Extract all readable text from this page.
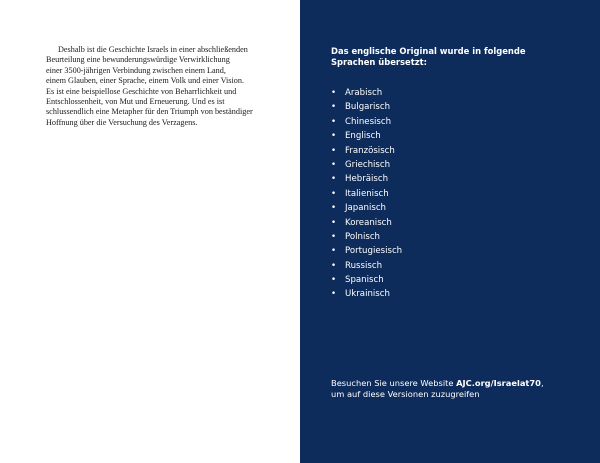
Deshalb ist die Geschichte Israels in einer abschließenden
Beurteilung eine bewunderungswürdige Verwirklichung
einer 3500-jährigen Verbindung zwischen einem Land,
einem Glauben, einer Sprache, einem Volk und einer Vision.
Es ist eine beispiellose Geschichte von Beharrlichkeit und
Entschlossenheit, von Mut und Erneuerung. Und es ist
schlussendlich eine Metapher für den Triumph von beständiger
Hoffnung über die Versuchung des Verzagens.
Das englische Original wurde in folgende
Sprachen übersetzt:
• Arabisch
• Bulgarisch
• Chinesisch
• Englisch
• Französisch
• Griechisch
• Hebräisch
• Italienisch
• Japanisch
• Koreanisch
• Polnisch
• Portugiesisch
• Russisch
• Spanisch
• Ukrainisch
Besuchen Sie unsere Website AJC.org/Israelat70,
um auf diese Versionen zuzugreifen
